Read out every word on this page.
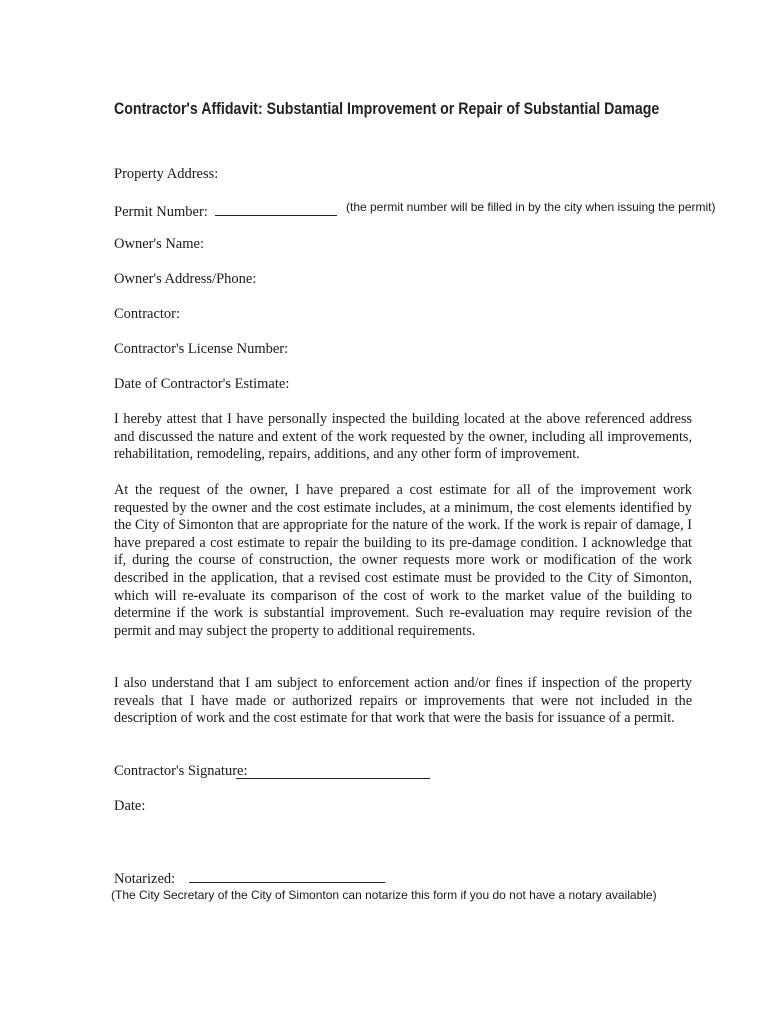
Contractor's Affidavit: Substantial Improvement or Repair of Substantial Damage
Property Address:
Permit Number:	(the permit number will be filled in by the city when issuing the permit)
Owner's Name:
Owner's Address/Phone:
Contractor:
Contractor's License Number:
Date of Contractor's Estimate:
I hereby attest that I have personally inspected the building located at the above referenced address and discussed the nature and extent of the work requested by the owner, including all improvements, rehabilitation, remodeling, repairs, additions, and any other form of improvement.
At the request of the owner, I have prepared a cost estimate for all of the improvement work requested by the owner and the cost estimate includes, at a minimum, the cost elements identified by the City of Simonton that are appropriate for the nature of the work. If the work is repair of damage, I have prepared a cost estimate to repair the building to its pre-damage condition. I acknowledge that if, during the course of construction, the owner requests more work or modification of the work described in the application, that a revised cost estimate must be provided to the City of Simonton, which will re-evaluate its comparison of the cost of work to the market value of the building to determine if the work is substantial improvement. Such re-evaluation may require revision of the permit and may subject the property to additional requirements.
I also understand that I am subject to enforcement action and/or fines if inspection of the property reveals that I have made or authorized repairs or improvements that were not included in the description of work and the cost estimate for that work that were the basis for issuance of a permit.
Contractor's Signature:
Date:
Notarized:
(The City Secretary of the City of Simonton can notarize this form if you do not have a notary available)
